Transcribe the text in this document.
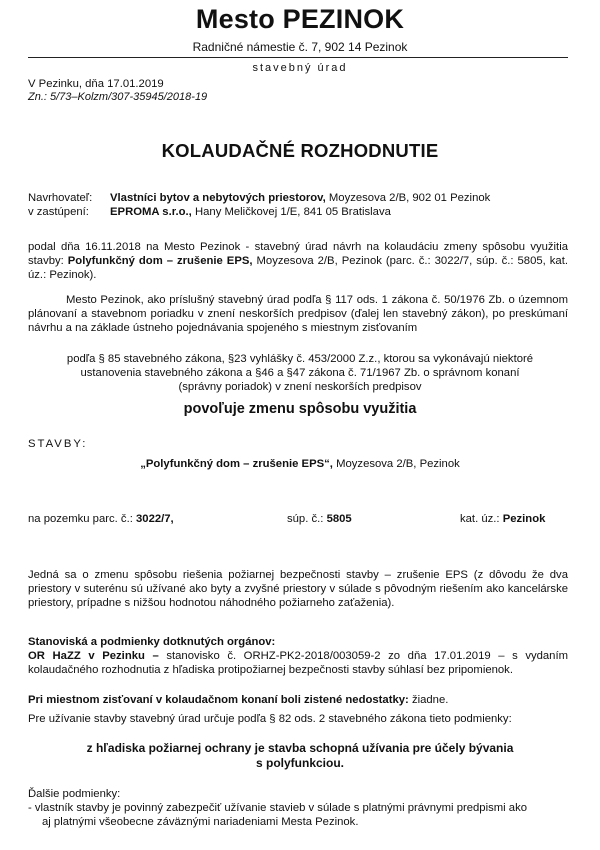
Mesto PEZINOK
Radničné námestie č. 7, 902 14 Pezinok
stavebný úrad
V Pezinku, dňa 17.01.2019
Zn.: 5/73–Kolzm/307-35945/2018-19
KOLAUDAČNÉ ROZHODNUTIE
Navrhovateľ: Vlastníci bytov a nebytových priestorov, Moyzesova 2/B, 902 01 Pezinok
v zastúpení: EPROMA s.r.o., Hany Meličkovej 1/E, 841 05 Bratislava
podal dňa 16.11.2018 na Mesto Pezinok - stavebný úrad návrh na kolaudáciu zmeny spôsobu využitia stavby: Polyfunkčný dom – zrušenie EPS, Moyzesova 2/B, Pezinok (parc. č.: 3022/7, súp. č.: 5805, kat. úz.: Pezinok).
Mesto Pezinok, ako príslušný stavebný úrad podľa § 117 ods. 1 zákona č. 50/1976 Zb. o územnom plánovaní a stavebnom poriadku v znení neskorších predpisov (ďalej len stavebný zákon), po preskúmaní návrhu a na základe ústneho pojednávania spojeného s miestnym zisťovaním
podľa § 85 stavebného zákona, §23 vyhlášky č. 453/2000 Z.z., ktorou sa vykonávajú niektoré ustanovenia stavebného zákona a §46 a §47 zákona č. 71/1967 Zb. o správnom konaní (správny poriadok) v znení neskorších predpisov
povoľuje zmenu spôsobu využitia
STAVBY:
„Polyfunkčný dom – zrušenie EPS“, Moyzesova 2/B, Pezinok
na pozemku parc. č.: 3022/7,	súp. č.: 5805	kat. úz.: Pezinok
Jedná sa o zmenu spôsobu riešenia požiarnej bezpečnosti stavby – zrušenie EPS (z dôvodu že dva priestory v suterénu sú užívané ako byty a zvyšné priestory v súlade s pôvodným riešením ako kancelárske priestory, prípadne s nižšou hodnotou náhodného požiarneho zaťaženia).
Stanoviská a podmienky dotknutých orgánov:
OR HaZZ v Pezinku – stanovisko č. ORHZ-PK2-2018/003059-2 zo dňa 17.01.2019 – s vydaním kolaudačného rozhodnutia z hľadiska protipožiarnej bezpečnosti stavby súhlasí bez pripomienok.
Pri miestnom zisťovaní v kolaudačnom konaní boli zistené nedostatky: žiadne.
Pre užívanie stavby stavebný úrad určuje podľa § 82 ods. 2 stavebného zákona tieto podmienky:
z hľadiska požiarnej ochrany je stavba schopná užívania pre účely bývania
s polyfunkciou.
Ďalšie podmienky:
- vlastník stavby je povinný zabezpečiť užívanie stavieb v súlade s platnými právnymi predpismi ako
aj platnými všeobecne záväznými nariadeniami Mesta Pezinok.
